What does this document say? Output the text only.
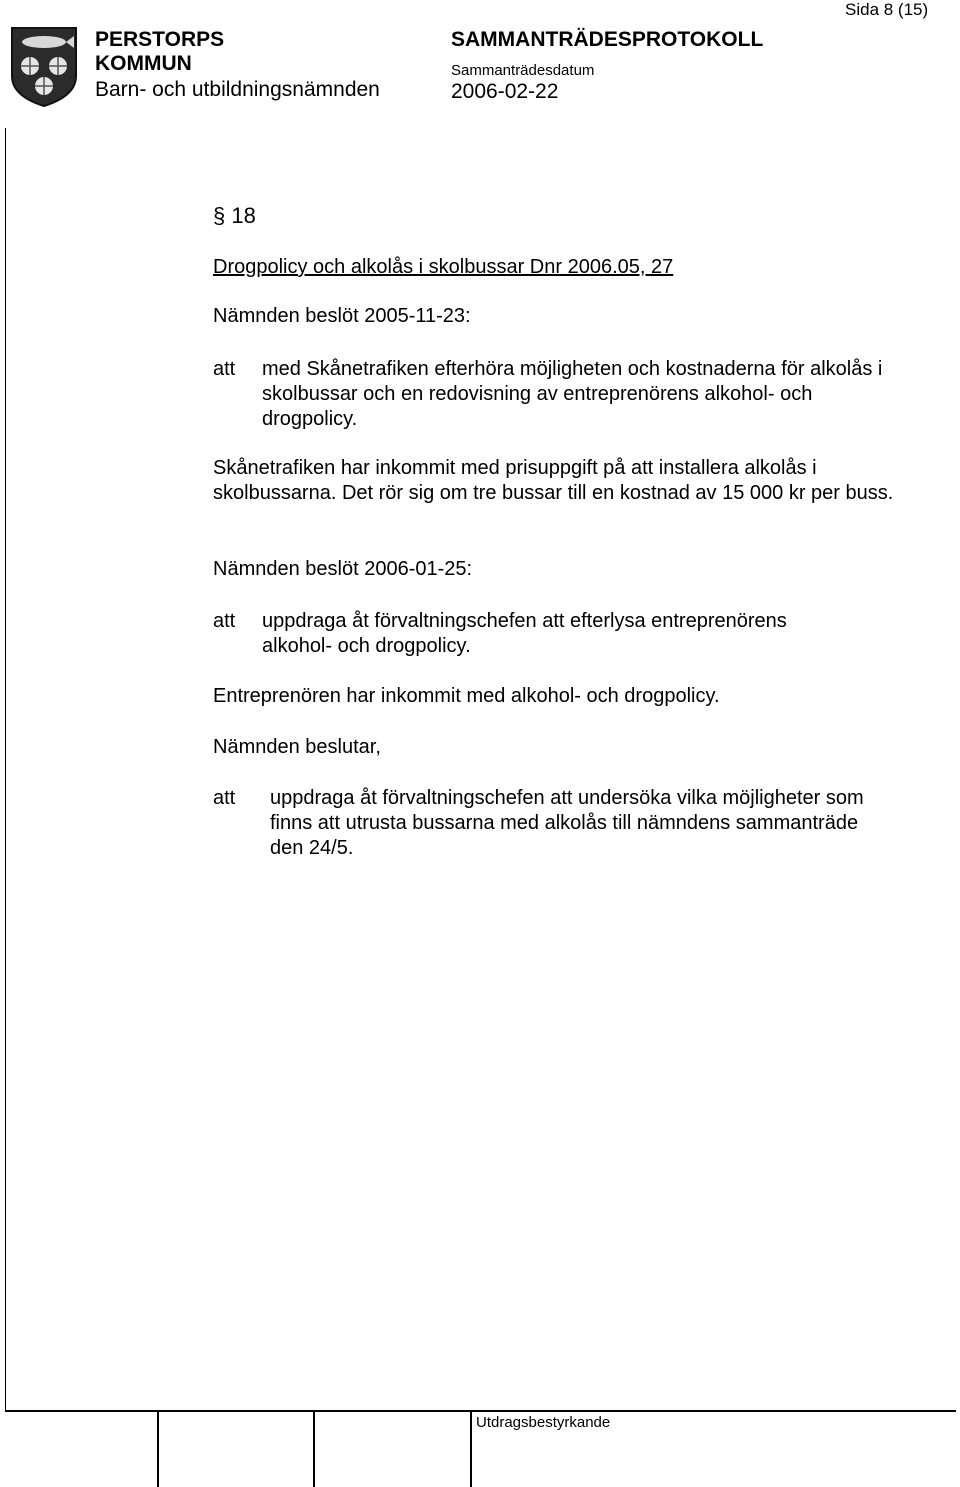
PERSTORPS
KOMMUN
Barn- och utbildningsnämnden
SAMMANTRÄDESPROTOKOLL
Sammanträdesdatum
2006-02-22
Sida 8 (15)
§ 18
Drogpolicy och alkolås i skolbussar Dnr 2006.05, 27
Nämnden beslöt 2005-11-23:
att med Skånetrafiken efterhöra möjligheten och kostnaderna för alkolås i skolbussar och en redovisning av entreprenörens alkohol- och drogpolicy.
Skånetrafiken har inkommit med prisuppgift på att installera alkolås i skolbussarna. Det rör sig om tre bussar till en kostnad av 15 000 kr per buss.
Nämnden beslöt 2006-01-25:
att uppdraga åt förvaltningschefen att efterlysa entreprenörens alkohol- och drogpolicy.
Entreprenören har inkommit med alkohol- och drogpolicy.
Nämnden beslutar,
att uppdraga åt förvaltningschefen att undersöka vilka möjligheter som finns att utrusta bussarna med alkolås till nämndens sammanträde den 24/5.
Utdragsbestyrkande
